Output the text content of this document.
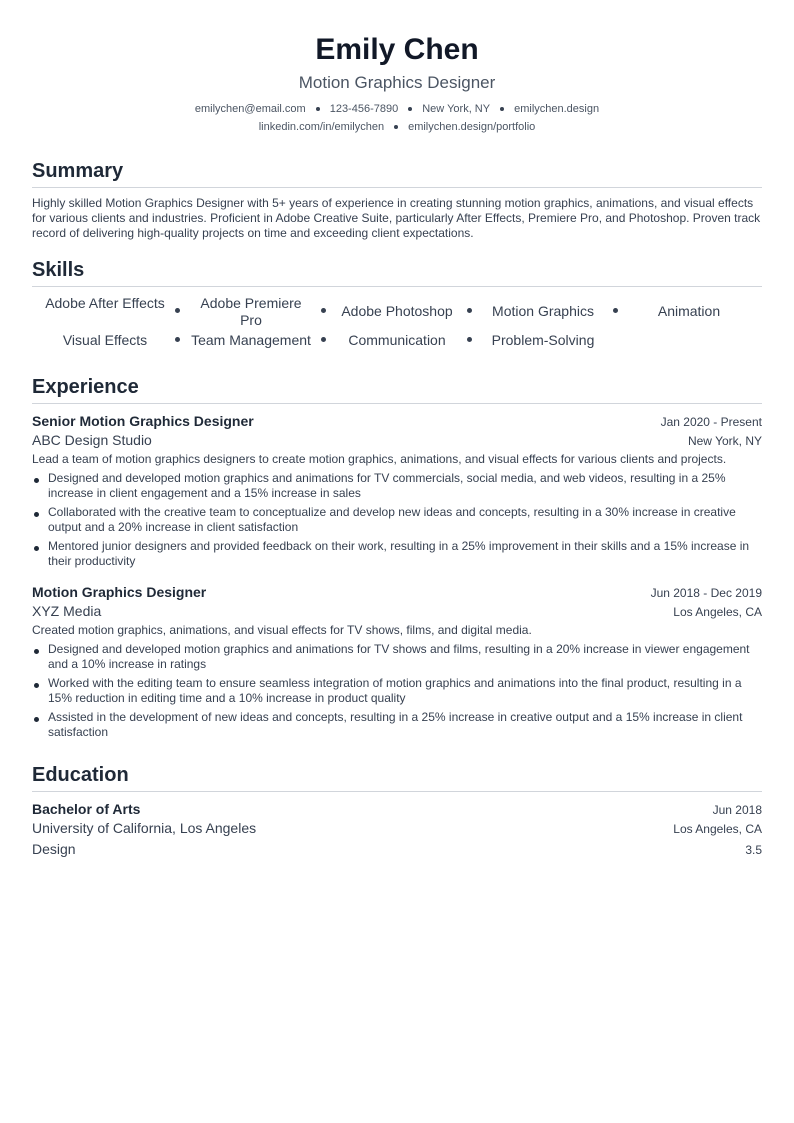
Emily Chen
Motion Graphics Designer
emilychen@email.com 123-456-7890 New York, NY emilychen.design
linkedin.com/in/emilychen emilychen.design/portfolio
Summary
Highly skilled Motion Graphics Designer with 5+ years of experience in creating stunning motion graphics, animations, and visual effects for various clients and industries. Proficient in Adobe Creative Suite, particularly After Effects, Premiere Pro, and Photoshop. Proven track record of delivering high-quality projects on time and exceeding client expectations.
Skills
Adobe After Effects	Adobe Premiere Pro
Adobe Photoshop	Motion Graphics	Animation
Visual Effects	Team Management	Communication	Problem-Solving
Experience
Senior Motion Graphics Designer	Jan 2020 - Present
ABC Design Studio	New York, NY
Lead a team of motion graphics designers to create motion graphics, animations, and visual effects for various clients and projects.
Designed and developed motion graphics and animations for TV commercials, social media, and web videos, resulting in a 25% increase in client engagement and a 15% increase in sales
Collaborated with the creative team to conceptualize and develop new ideas and concepts, resulting in a 30% increase in creative output and a 20% increase in client satisfaction
Mentored junior designers and provided feedback on their work, resulting in a 25% improvement in their skills and a 15% increase in their productivity
Motion Graphics Designer	Jun 2018 - Dec 2019
XYZ Media	Los Angeles, CA
Created motion graphics, animations, and visual effects for TV shows, films, and digital media.
Designed and developed motion graphics and animations for TV shows and films, resulting in a 20% increase in viewer engagement and a 10% increase in ratings
Worked with the editing team to ensure seamless integration of motion graphics and animations into the final product, resulting in a 15% reduction in editing time and a 10% increase in product quality
Assisted in the development of new ideas and concepts, resulting in a 25% increase in creative output and a 15% increase in client satisfaction
Education
Bachelor of Arts	Jun 2018
University of California, Los Angeles	Los Angeles, CA
Design	3.5
